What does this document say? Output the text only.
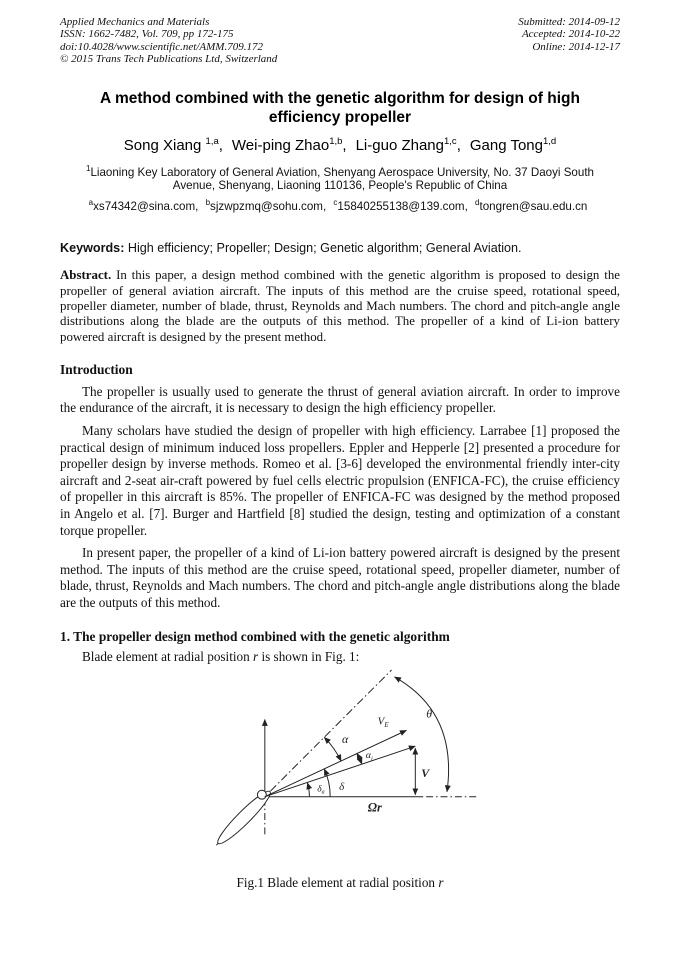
Applied Mechanics and Materials
ISSN: 1662-7482, Vol. 709, pp 172-175
doi:10.4028/www.scientific.net/AMM.709.172
© 2015 Trans Tech Publications Ltd, Switzerland
Submitted: 2014-09-12
Accepted: 2014-10-22
Online: 2014-12-17
A method combined with the genetic algorithm for design of high efficiency propeller
Song Xiang $^{1,a}$, Wei-ping Zhao$^{1,b}$, Li-guo Zhang$^{1,c}$, Gang Tong$^{1,d}$
$^1$Liaoning Key Laboratory of General Aviation, Shenyang Aerospace University, No. 37 Daoyi South Avenue, Shenyang, Liaoning 110136, People's Republic of China
$^a$xs74342@sina.com, $^b$sjzwpzmq@sohu.com, $^c$15840255138@139.com, $^d$tongren@sau.edu.cn
Keywords: High efficiency; Propeller; Design; Genetic algorithm; General Aviation.
Abstract. In this paper, a design method combined with the genetic algorithm is proposed to design the propeller of general aviation aircraft. The inputs of this method are the cruise speed, rotational speed, propeller diameter, number of blade, thrust, Reynolds and Mach numbers. The chord and pitch-angle angle distributions along the blade are the outputs of this method. The propeller of a kind of Li-ion battery powered aircraft is designed by the present method.
Introduction
The propeller is usually used to generate the thrust of general aviation aircraft. In order to improve the endurance of the aircraft, it is necessary to design the high efficiency propeller.
Many scholars have studied the design of propeller with high efficiency. Larrabee [1] proposed the practical design of minimum induced loss propellers. Eppler and Hepperle [2] presented a procedure for propeller design by inverse methods. Romeo et al. [3-6] developed the environmental friendly inter-city aircraft and 2-seat air-craft powered by fuel cells electric propulsion (ENFICA-FC), the cruise efficiency of propeller in this aircraft is 85%. The propeller of ENFICA-FC was designed by the method proposed in Angelo et al. [7]. Burger and Hartfield [8] studied the design, testing and optimization of a constant torque propeller.
In present paper, the propeller of a kind of Li-ion battery powered aircraft is designed by the present method. The inputs of this method are the cruise speed, rotational speed, propeller diameter, number of blade, thrust, Reynolds and Mach numbers. The chord and pitch-angle angle distributions along the blade are the outputs of this method.
1. The propeller design method combined with the genetic algorithm
Blade element at radial position r is shown in Fig. 1:
θ
α
$\alpha_i$
$V_E$
V
δ
$\delta_a$
Ωr
Fig.1 Blade element at radial position r
